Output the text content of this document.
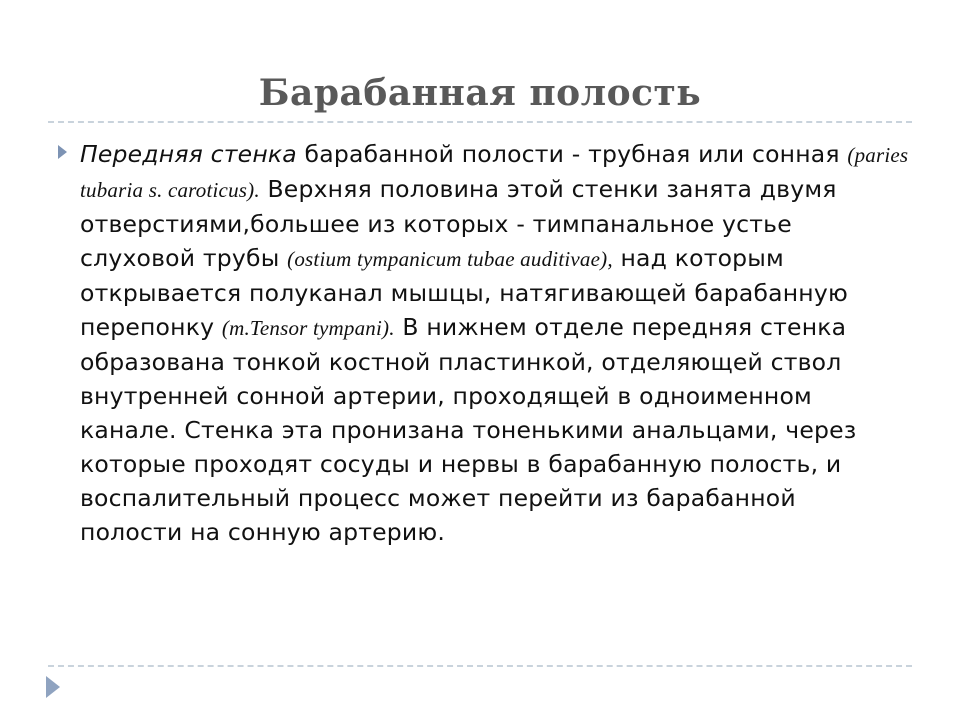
Барабанная полость

Передняя стенка барабанной полости - трубная или сонная (paries tubaria s. caroticus). Верхняя половина этой стенки занята двумя отверстиями,большее из которых - тимпанальное устье слуховой трубы (ostium tympanicum tubae auditivae), над которым открывается полуканал мышцы, натягивающей барабанную перепонку (m.Tensor tympani). В нижнем отделе передняя стенка образована тонкой костной пластинкой, отделяющей ствол внутренней сонной артерии, проходящей в одноименном канале. Стенка эта пронизана тоненькими анальцами, через которые проходят сосуды и нервы в барабанную полость, и воспалительный процесс может перейти из барабанной
полости на сонную артерию.
